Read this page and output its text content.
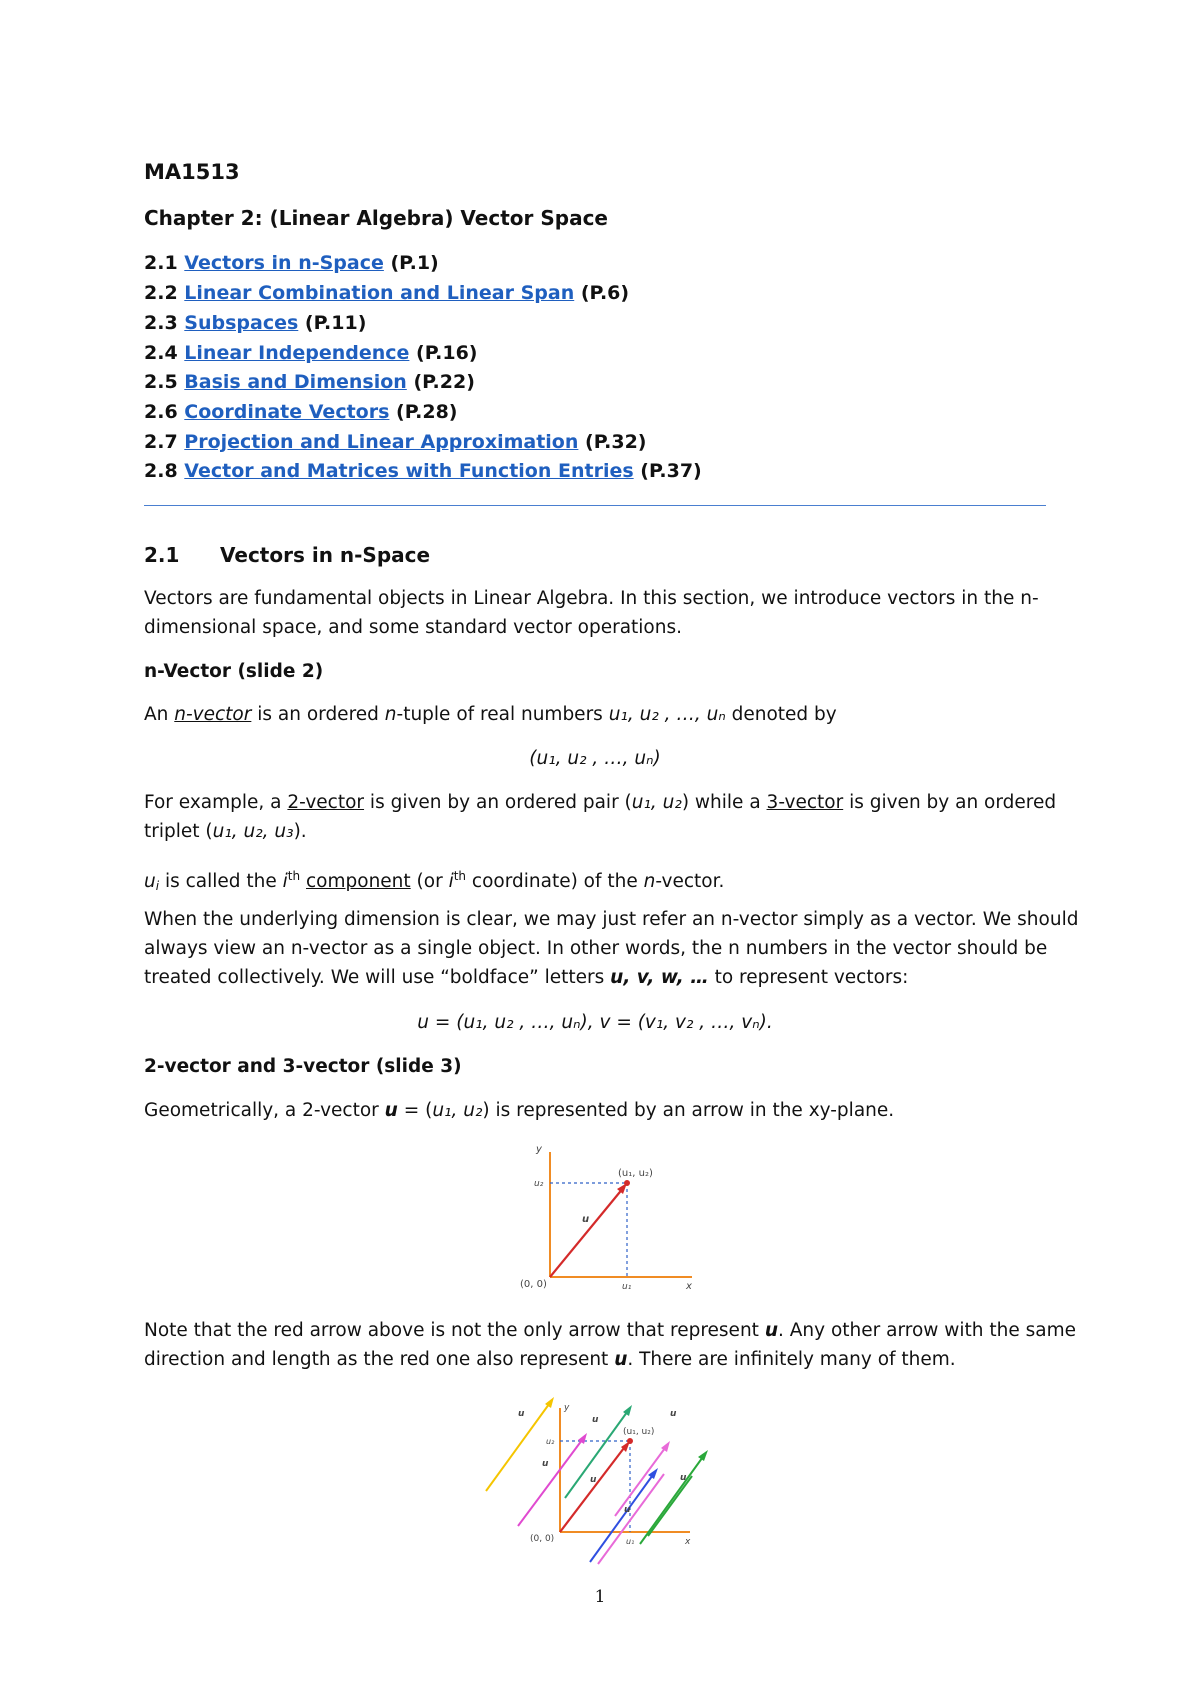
MA1513
Chapter 2: (Linear Algebra) Vector Space
2.1 Vectors in n-Space (P.1)
2.2 Linear Combination and Linear Span (P.6)
2.3 Subspaces (P.11)
2.4 Linear Independence (P.16)
2.5 Basis and Dimension (P.22)
2.6 Coordinate Vectors (P.28)
2.7 Projection and Linear Approximation (P.32)
2.8 Vector and Matrices with Function Entries (P.37)
2.1 Vectors in n-Space
Vectors are fundamental objects in Linear Algebra. In this section, we introduce vectors in the n-
dimensional space, and some standard vector operations.
n-Vector (slide 2)
An n-vector is an ordered n-tuple of real numbers u₁, u₂ , …, uₙ denoted by
(u₁, u₂ , …, uₙ)
For example, a 2-vector is given by an ordered pair (u₁, u₂) while a 3-vector is given by an ordered
triplet (u₁, u₂, u₃).
$u_i$ is called the $i^{th}$ component (or $i^{th}$ coordinate) of the n-vector.
When the underlying dimension is clear, we may just refer an n-vector simply as a vector. We should
always view an n-vector as a single object. In other words, the n numbers in the vector should be
treated collectively. We will use “boldface” letters u, v, w, … to represent vectors:
u = (u₁, u₂ , …, uₙ), v = (v₁, v₂ , …, vₙ).
2-vector and 3-vector (slide 3)
Geometrically, a 2-vector u = (u₁, u₂) is represented by an arrow in the xy-plane.
y
x
(0, 0)
(u₁, u₂)
u₂
u₁
u
Note that the red arrow above is not the only arrow that represent u. Any other arrow with the same
direction and length as the red one also represent u. There are infinitely many of them.
y
x
(0, 0)
(u₁, u₂)
u₂
u₁
u
u
u
u
u
u
u
1
